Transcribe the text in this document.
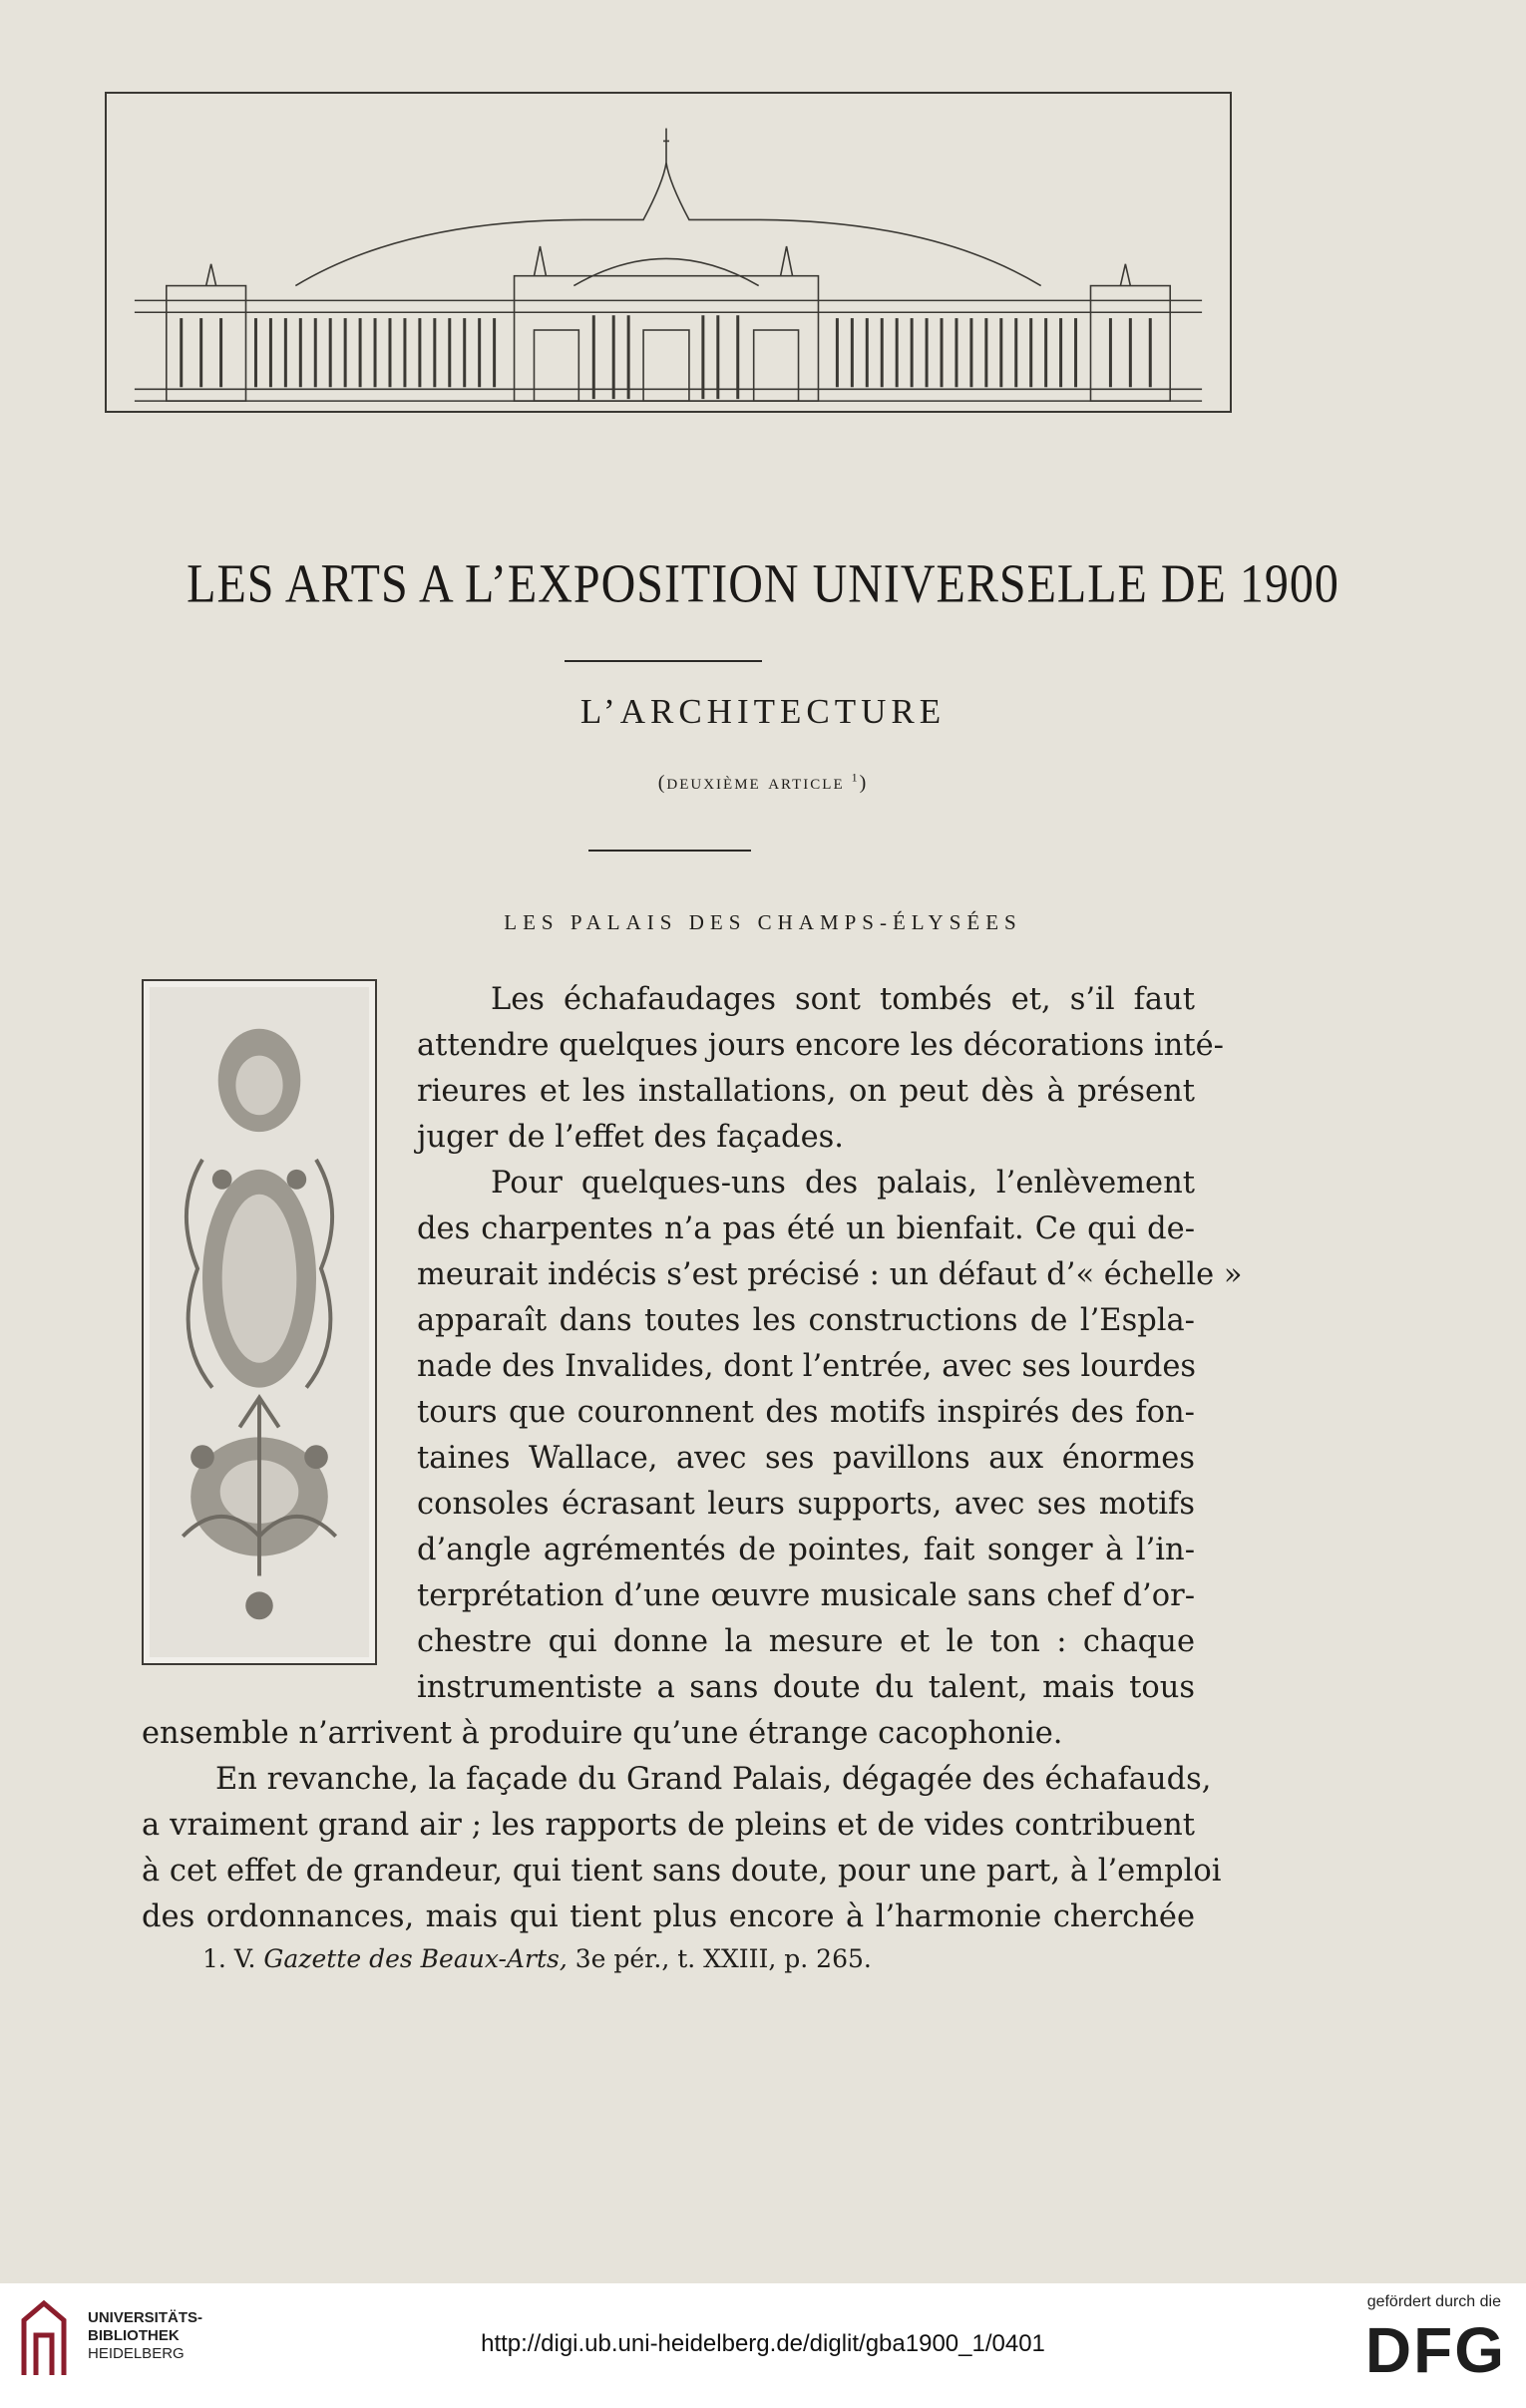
LES ARTS A L’EXPOSITION UNIVERSELLE DE 1900
L’ARCHITECTURE
(deuxième article $^1$)
LES PALAIS DES CHAMPS-ÉLYSÉES
Les échafaudages sont tombés et, s’il faut
attendre quelques jours encore les décorations inté-
rieures et les installations, on peut dès à présent
juger de l’effet des façades.
Pour quelques-uns des palais, l’enlèvement
des charpentes n’a pas été un bienfait. Ce qui de-
meurait indécis s’est précisé : un défaut d’« échelle »
apparaît dans toutes les constructions de l’Espla-
nade des Invalides, dont l’entrée, avec ses lourdes
tours que couronnent des motifs inspirés des fon-
taines Wallace, avec ses pavillons aux énormes
consoles écrasant leurs supports, avec ses motifs
d’angle agrémentés de pointes, fait songer à l’in-
terprétation d’une œuvre musicale sans chef d’or-
chestre qui donne la mesure et le ton : chaque
instrumentiste a sans doute du talent, mais tous
ensemble n’arrivent à produire qu’une étrange cacophonie.
En revanche, la façade du Grand Palais, dégagée des échafauds,
a vraiment grand air ; les rapports de pleins et de vides contribuent
à cet effet de grandeur, qui tient sans doute, pour une part, à l’emploi
des ordonnances, mais qui tient plus encore à l’harmonie cherchée
1. V. Gazette des Beaux-Arts, 3e pér., t. XXIII, p. 265.
UNIVERSITÄTS-
BIBLIOTHEK
HEIDELBERG	http://digi.ub.uni-heidelberg.de/diglit/gba1900_1/0401
gefördert durch die
DFG
